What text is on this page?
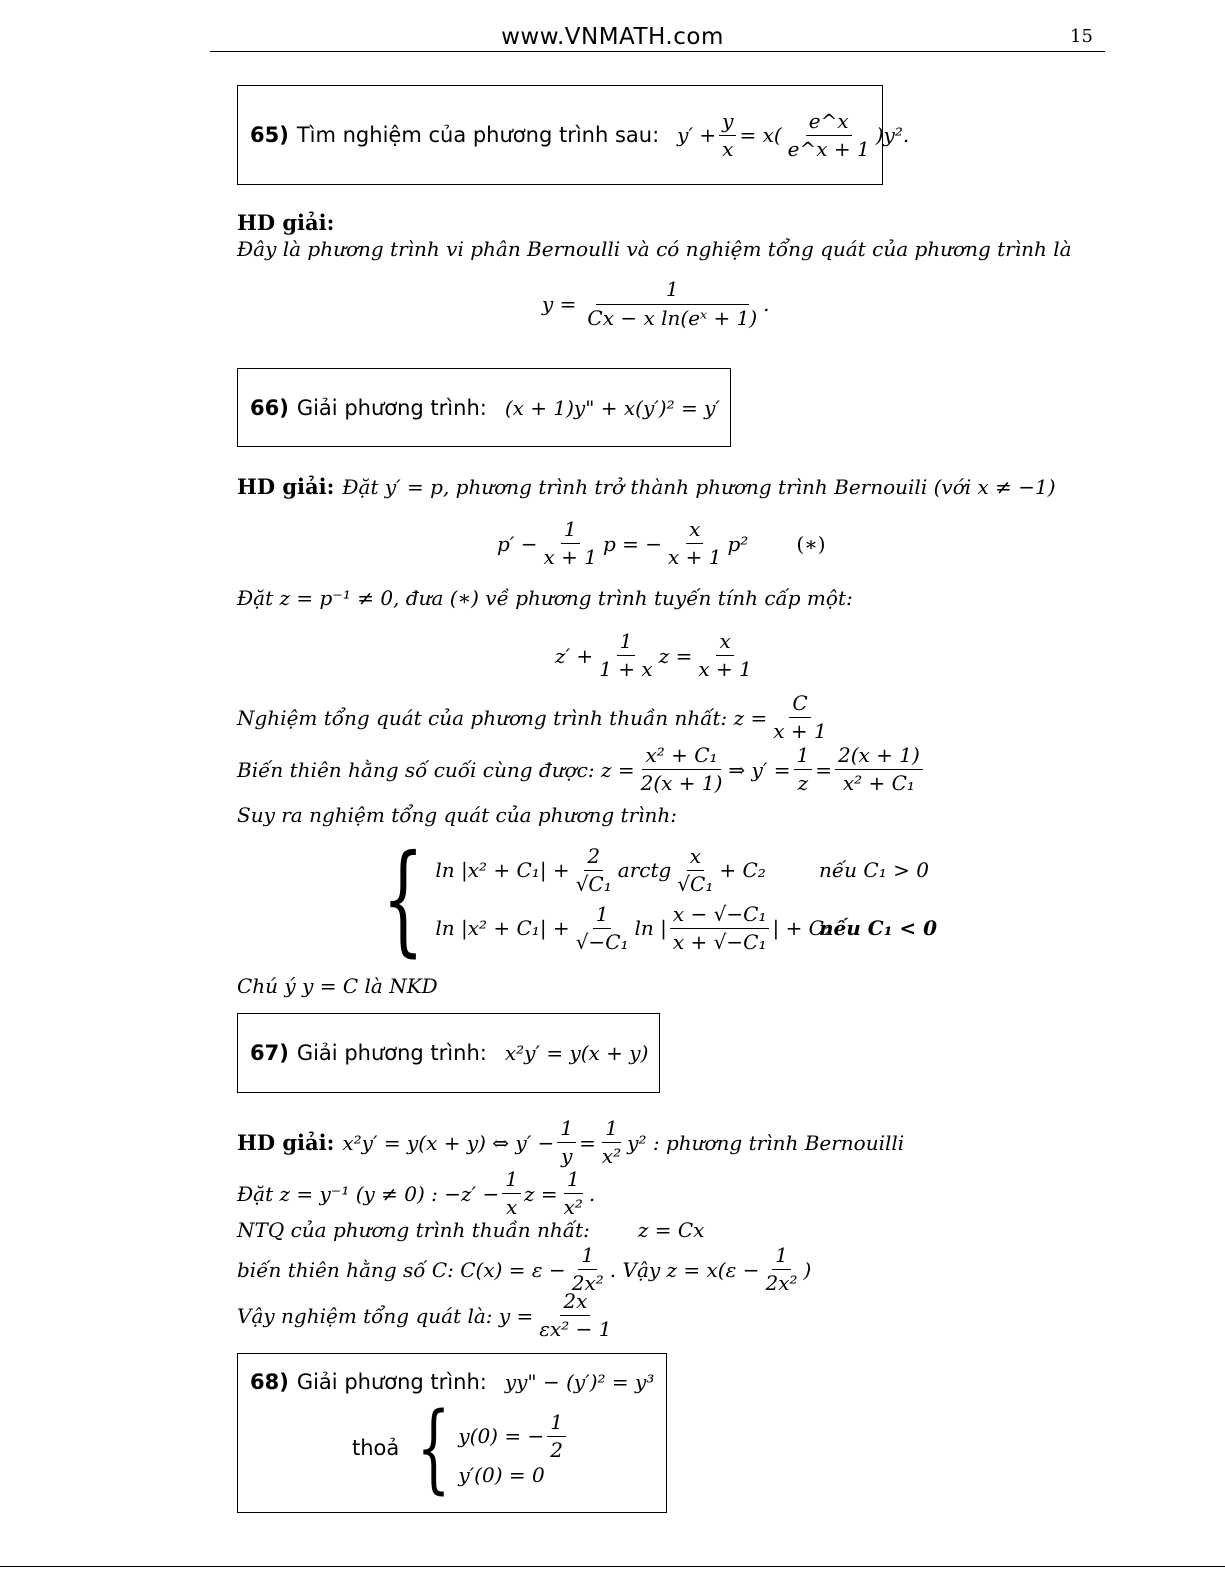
www.VNMATH.com	15
65) Tìm nghiệm của phương trình sau: $y' + \frac{y}{x} = x( \frac{e\^{}x}{e\^{}x + 1} )y^2$.
HD giải:
Đây là phương trình vi phân Bernoulli và có nghiệm tổng quát của phương trình là
$y = \frac{1}{\text{Cx − x ln(eˣ + 1)}}$ .
66) Giải phương trình: (x + 1)y" + x(y′)² = y′
HD giải: Đặt y′ = p, phương trình trở thành phương trình Bernouili (với x ≠ −1)
$p' - \frac{1}{x + 1}$ p = − $\frac{x}{x + 1} p^2$ (∗)
Đặt z = p⁻¹ ≠ 0, đưa (∗) về phương trình tuyến tính cấp một:
$z' + \frac{1}{1 + x}$ $z = \frac{x}{x + 1}$
Nghiệm tổng quát của phương trình thuần nhất: $z = \frac{C}{x + 1}$
Biến thiên hằng số cuối cùng được: $z = \frac{\text{x² + C₁}}{2(x + 1)}$ ⇒ $y' = \frac{1}{z} = \frac{2(x + 1)}{\text{x² + C₁}}$
Suy ra nghiệm tổng quát của phương trình:
{ $\ln |x^2 + C_1| + \frac{2}{\text{√C₁}}$ arctg $\frac{x}{\text{√C₁}} + C_2$	nếu C₁ > 0
$\ln |x^2 + C_1| + \frac{1}{\text{√−C₁}}$ ln | $\frac{\text{x − √−C₁}}{\text{x + √−C₁}}$ | + C₂
nếu C₁ < 0
Chú ý y = C là NKD
67) Giải phương trình: x²y′ = y(x + y)
HD giải: x²y′ = y(x + y) ⇔ $y' - \frac{1}{y} = \frac{1}{\text{x²}} y^2$ : phương trình Bernouilli
Đặt z = y⁻¹ (y ≠ 0) : $-z' - \frac{1}{x}$ $z = \frac{1}{\text{x²}}$ .
NTQ của phương trình thuần nhất: z = Cx
biến thiên hằng số C: $C(x) = \varepsilon - \frac{1}{\text{2x²}}$ . Vậy $z = x(\varepsilon - \frac{1}{\text{2x²}}$ )
Vậy nghiệm tổng quát là: $y = \frac{2x}{\text{εx² − 1}}$
68) Giải phương trình: yy" − (y′)² = y³
thoả { y(0) = − $\frac{1}{2}$
y′(0) = 0
